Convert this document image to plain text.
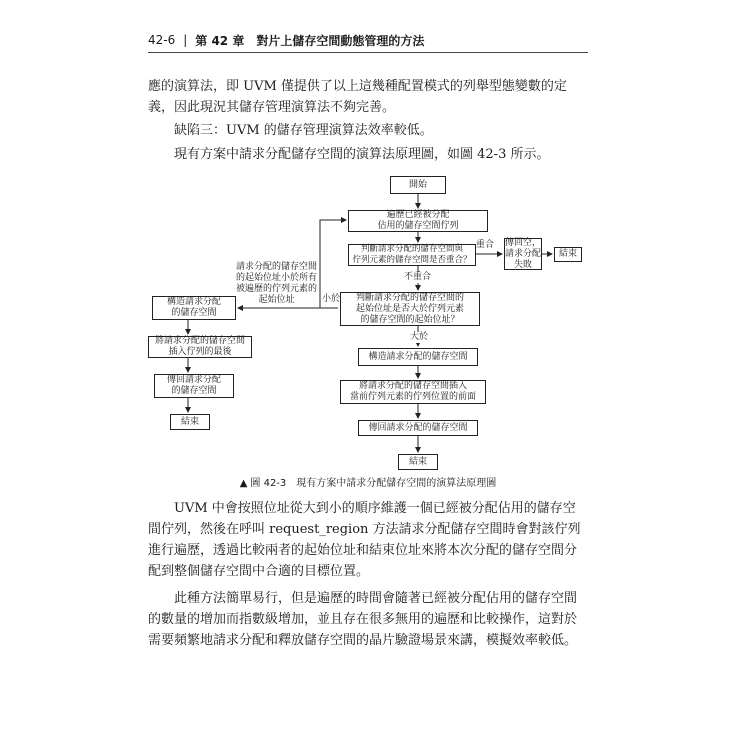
42-6 | 第 42 章 對片上儲存空間動態管理的方法

應的演算法，即 UVM 僅提供了以上這幾種配置模式的列舉型態變數的定義，因此現況其儲存管理演算法不夠完善。

缺陷三：UVM 的儲存管理演算法效率較低。

現有方案中請求分配儲存空間的演算法原理圖，如圖 42-3 所示。

開始
遍歷已經被分配
佔用的儲存空間佇列
判斷請求分配的儲存空間與
佇列元素的儲存空間是否重合？
重合 傳回空，
請求分配
失敗
結束
不重合
判斷請求分配的儲存空間的
起始位址是否大於佇列元素
的儲存空間的起始位址？
小於
請求分配的儲存空間
的起始位址小於所有
被遍歷的佇列元素的
起始位址
大於
構造請求分配的儲存空間
將請求分配的儲存空間插入
當前佇列元素的佇列位置的前面
傳回請求分配的儲存空間
結束
構造請求分配
的儲存空間
將請求分配的儲存空間
插入佇列的最後
傳回請求分配
的儲存空間
結束
▲ 圖 42-3　現有方案中請求分配儲存空間的演算法原理圖

UVM 中會按照位址從大到小的順序維護一個已經被分配佔用的儲存空間佇列，然後在呼叫 request_region 方法請求分配儲存空間時會對該佇列進行遍歷，透過比較兩者的起始位址和結束位址來將本次分配的儲存空間分配到整個儲存空間中合適的目標位置。

此種方法簡單易行，但是遍歷的時間會隨著已經被分配佔用的儲存空間的數量的增加而指數級增加，並且存在很多無用的遍歷和比較操作，這對於需要頻繁地請求分配和釋放儲存空間的晶片驗證場景來講，模擬效率較低。
